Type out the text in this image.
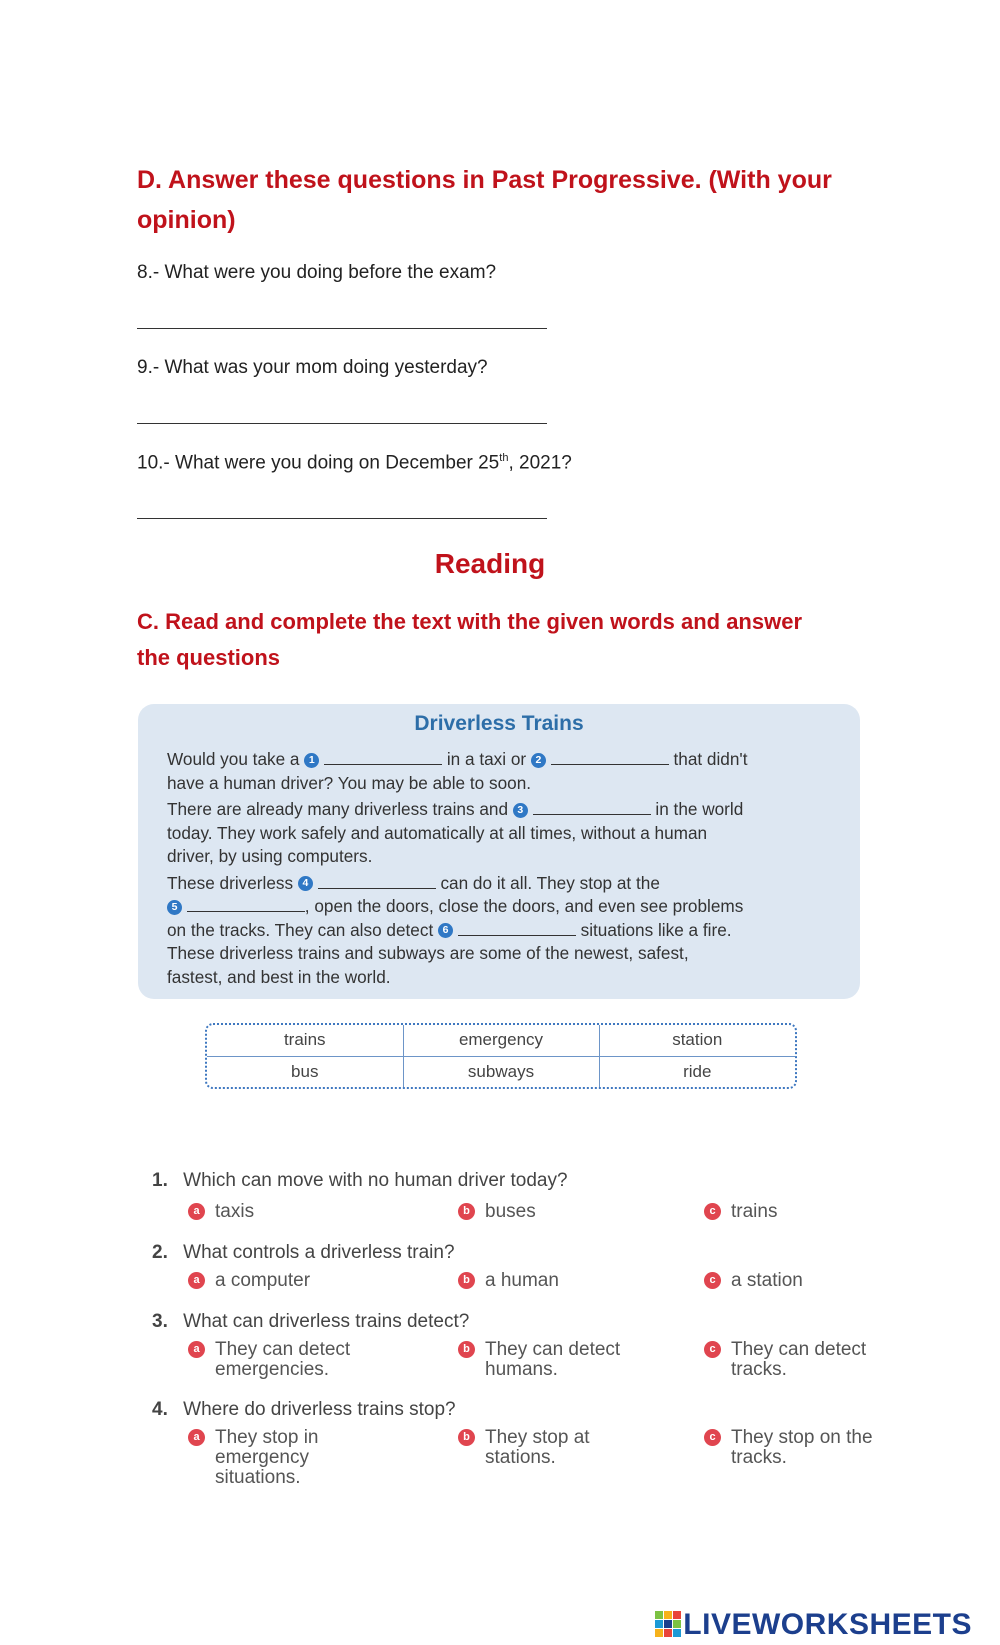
D. Answer these questions in Past Progressive. (With your
opinion)
8.- What were you doing before the exam?
9.- What was your mom doing yesterday?
10.- What were you doing on December 25th, 2021?
Reading
C. Read and complete the text with the given words and answer
the questions
Driverless Trains

Would you take a 1	in a taxi or 2	that didn't
have a human driver? You may be able to soon.

There are already many driverless trains and 3	in the world
today. They work safely and automatically at all times, without a human
driver, by using computers.

These driverless 4	can do it all. They stop at the
5	, open the doors, close the doors, and even see problems
on the tracks. They can also detect 6	situations like a fire.
These driverless trains and subways are some of the newest, safest,
fastest, and best in the world.

trains	emergency	station
bus	subways	ride
1. Which can move with no human driver today?
a taxis	b buses	c trains
2. What controls a driverless train?
a a computer	b a human	c a station
3. What can driverless trains detect?
a They can detect emergencies.
b They can detect humans.
c They can detect tracks.
4. Where do driverless trains stop?
a They stop in emergency situations.
b They stop at stations.
c They stop on the tracks.
LIVEWORKSHEETS
